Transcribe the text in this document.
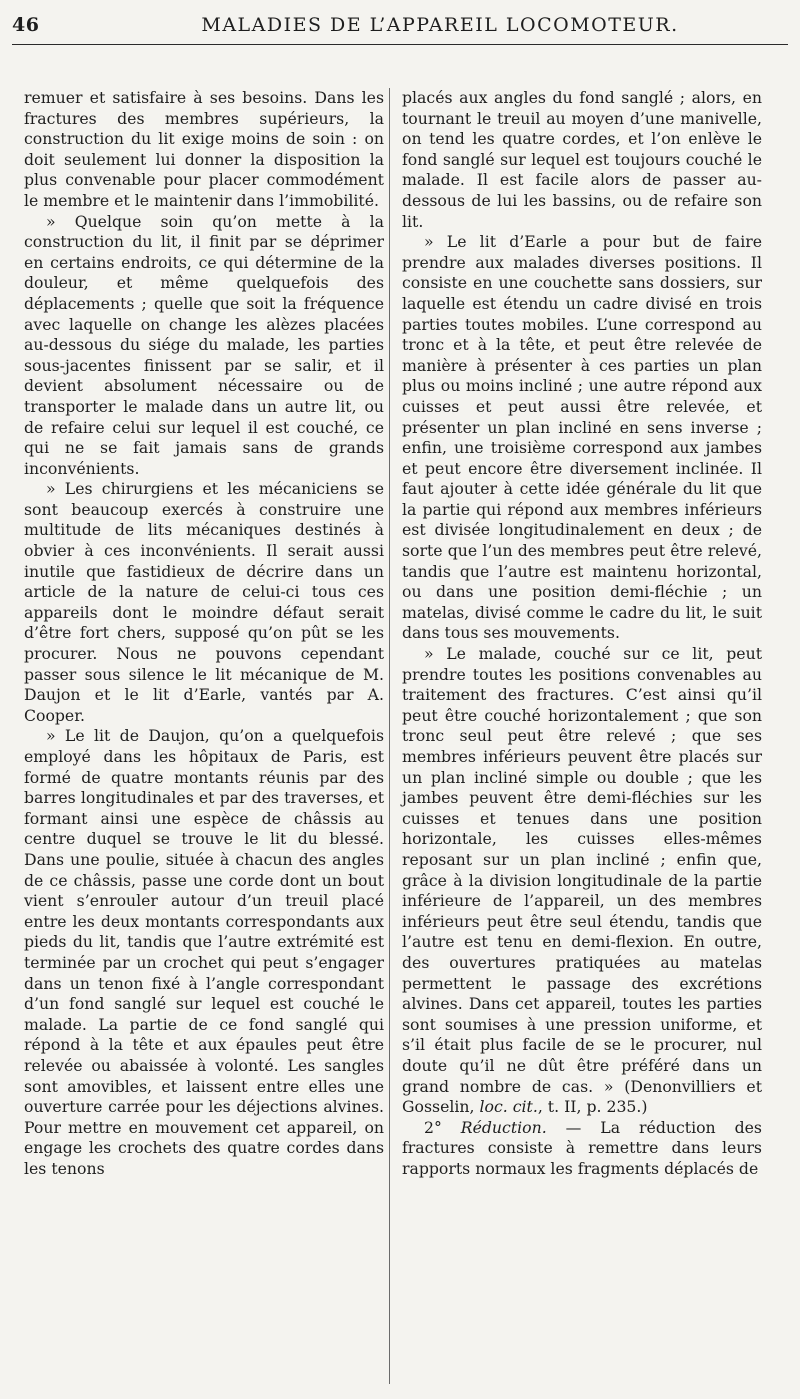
46	MALADIES DE L’APPAREIL LOCOMOTEUR.

remuer et satisfaire à ses besoins. Dans les fractures des membres supérieurs, la construction du lit exige moins de soin : on doit seulement lui donner la disposition la plus convenable pour placer commodément le membre et le maintenir dans l’immobilité.

» Quelque soin qu’on mette à la construction du lit, il finit par se déprimer en certains endroits, ce qui détermine de la douleur, et même quelquefois des déplacements ; quelle que soit la fréquence avec laquelle on change les alèzes placées au-dessous du siége du malade, les parties sous-jacentes finissent par se salir, et il devient absolument nécessaire ou de transporter le malade dans un autre lit, ou de refaire celui sur lequel il est couché, ce qui ne se fait jamais sans de grands inconvénients.

» Les chirurgiens et les mécaniciens se sont beaucoup exercés à construire une multitude de lits mécaniques destinés à obvier à ces inconvénients. Il serait aussi inutile que fastidieux de décrire dans un article de la nature de celui-ci tous ces appareils dont le moindre défaut serait d’être fort chers, supposé qu’on pût se les procurer. Nous ne pouvons cependant passer sous silence le lit mécanique de M. Daujon et le lit d’Earle, vantés par A. Cooper.

» Le lit de Daujon, qu’on a quelquefois employé dans les hôpitaux de Paris, est formé de quatre montants réunis par des barres longitudinales et par des traverses, et formant ainsi une espèce de châssis au centre duquel se trouve le lit du blessé. Dans une poulie, située à chacun des angles de ce châssis, passe une corde dont un bout vient s’enrouler autour d’un treuil placé entre les deux montants correspondants aux pieds du lit, tandis que l’autre extrémité est terminée par un crochet qui peut s’engager dans un tenon fixé à l’angle correspondant d’un fond sanglé sur lequel est couché le malade. La partie de ce fond sanglé qui répond à la tête et aux épaules peut être relevée ou abaissée à volonté. Les sangles sont amovibles, et laissent entre elles une ouverture carrée pour les déjections alvines. Pour mettre en mouvement cet appareil, on engage les crochets des quatre cordes dans les tenons

placés aux angles du fond sanglé ; alors, en tournant le treuil au moyen d’une manivelle, on tend les quatre cordes, et l’on enlève le fond sanglé sur lequel est toujours couché le malade. Il est facile alors de passer au-dessous de lui les bassins, ou de refaire son lit.

» Le lit d’Earle a pour but de faire prendre aux malades diverses positions. Il consiste en une couchette sans dossiers, sur laquelle est étendu un cadre divisé en trois parties toutes mobiles. L’une correspond au tronc et à la tête, et peut être relevée de manière à présenter à ces parties un plan plus ou moins incliné ; une autre répond aux cuisses et peut aussi être relevée, et présenter un plan incliné en sens inverse ; enfin, une troisième correspond aux jambes et peut encore être diversement inclinée. Il faut ajouter à cette idée générale du lit que la partie qui répond aux membres inférieurs est divisée longitudinalement en deux ; de sorte que l’un des membres peut être relevé, tandis que l’autre est maintenu horizontal, ou dans une position demi-fléchie ; un matelas, divisé comme le cadre du lit, le suit dans tous ses mouvements.

» Le malade, couché sur ce lit, peut prendre toutes les positions convenables au traitement des fractures. C’est ainsi qu’il peut être couché horizontalement ; que son tronc seul peut être relevé ; que ses membres inférieurs peuvent être placés sur un plan incliné simple ou double ; que les jambes peuvent être demi-fléchies sur les cuisses et tenues dans une position horizontale, les cuisses elles-mêmes reposant sur un plan incliné ; enfin que, grâce à la division longitudinale de la partie inférieure de l’appareil, un des membres inférieurs peut être seul étendu, tandis que l’autre est tenu en demi-flexion. En outre, des ouvertures pratiquées au matelas permettent le passage des excrétions alvines. Dans cet appareil, toutes les parties sont soumises à une pression uniforme, et s’il était plus facile de se le procurer, nul doute qu’il ne dût être préféré dans un grand nombre de cas. » (Denonvilliers et Gosselin, loc. cit., t. II, p. 235.)

2° Réduction. — La réduction des fractures consiste à remettre dans leurs rapports normaux les fragments déplacés de
